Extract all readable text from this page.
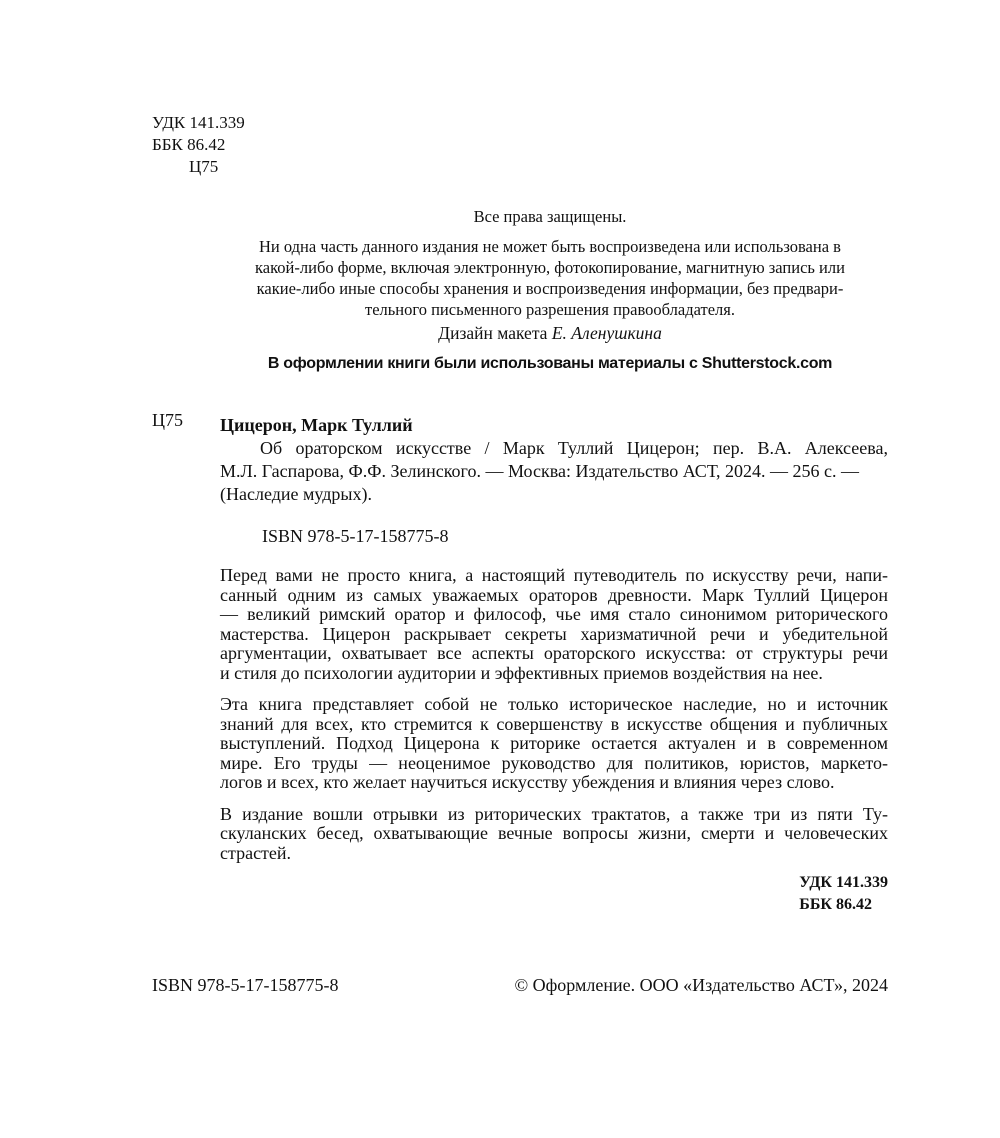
УДК 141.339
ББК 86.42
Ц75
Все права защищены.
Ни одна часть данного издания не может быть воспроизведена или использована в
какой-либо форме, включая электронную, фотокопирование, магнитную запись или
какие-либо иные способы хранения и воспроизведения информации, без предвари-
тельного письменного разрешения правообладателя.
Дизайн макета Е. Аленушкина
В оформлении книги были использованы материалы с Shutterstock.com
Ц75 Цицерон, Марк Туллий
Об ораторском искусстве / Марк Туллий Цицерон; пер. В.А. Алексеева,
М.Л. Гаспарова, Ф.Ф. Зелинского. — Москва: Издательство АСТ, 2024. — 256 с. —
(Наследие мудрых).
ISBN 978-5-17-158775-8

Перед вами не просто книга, а настоящий путеводитель по искусству речи, напи-
санный одним из самых уважаемых ораторов древности. Марк Туллий Цицерон
— великий римский оратор и философ, чье имя стало синонимом риторического
мастерства. Цицерон раскрывает секреты харизматичной речи и убедительной
аргументации, охватывает все аспекты ораторского искусства: от структуры речи
и стиля до психологии аудитории и эффективных приемов воздействия на нее.

Эта книга представляет собой не только историческое наследие, но и источник
знаний для всех, кто стремится к совершенству в искусстве общения и публичных
выступлений. Подход Цицерона к риторике остается актуален и в современном
мире. Его труды — неоценимое руководство для политиков, юристов, маркето-
логов и всех, кто желает научиться искусству убеждения и влияния через слово.

В издание вошли отрывки из риторических трактатов, а также три из пяти Ту-
скуланских бесед, охватывающие вечные вопросы жизни, смерти и человеческих
страстей.

УДК 141.339
ББК 86.42
ISBN 978-5-17-158775-8	© Оформление. ООО «Издательство АСТ», 2024
